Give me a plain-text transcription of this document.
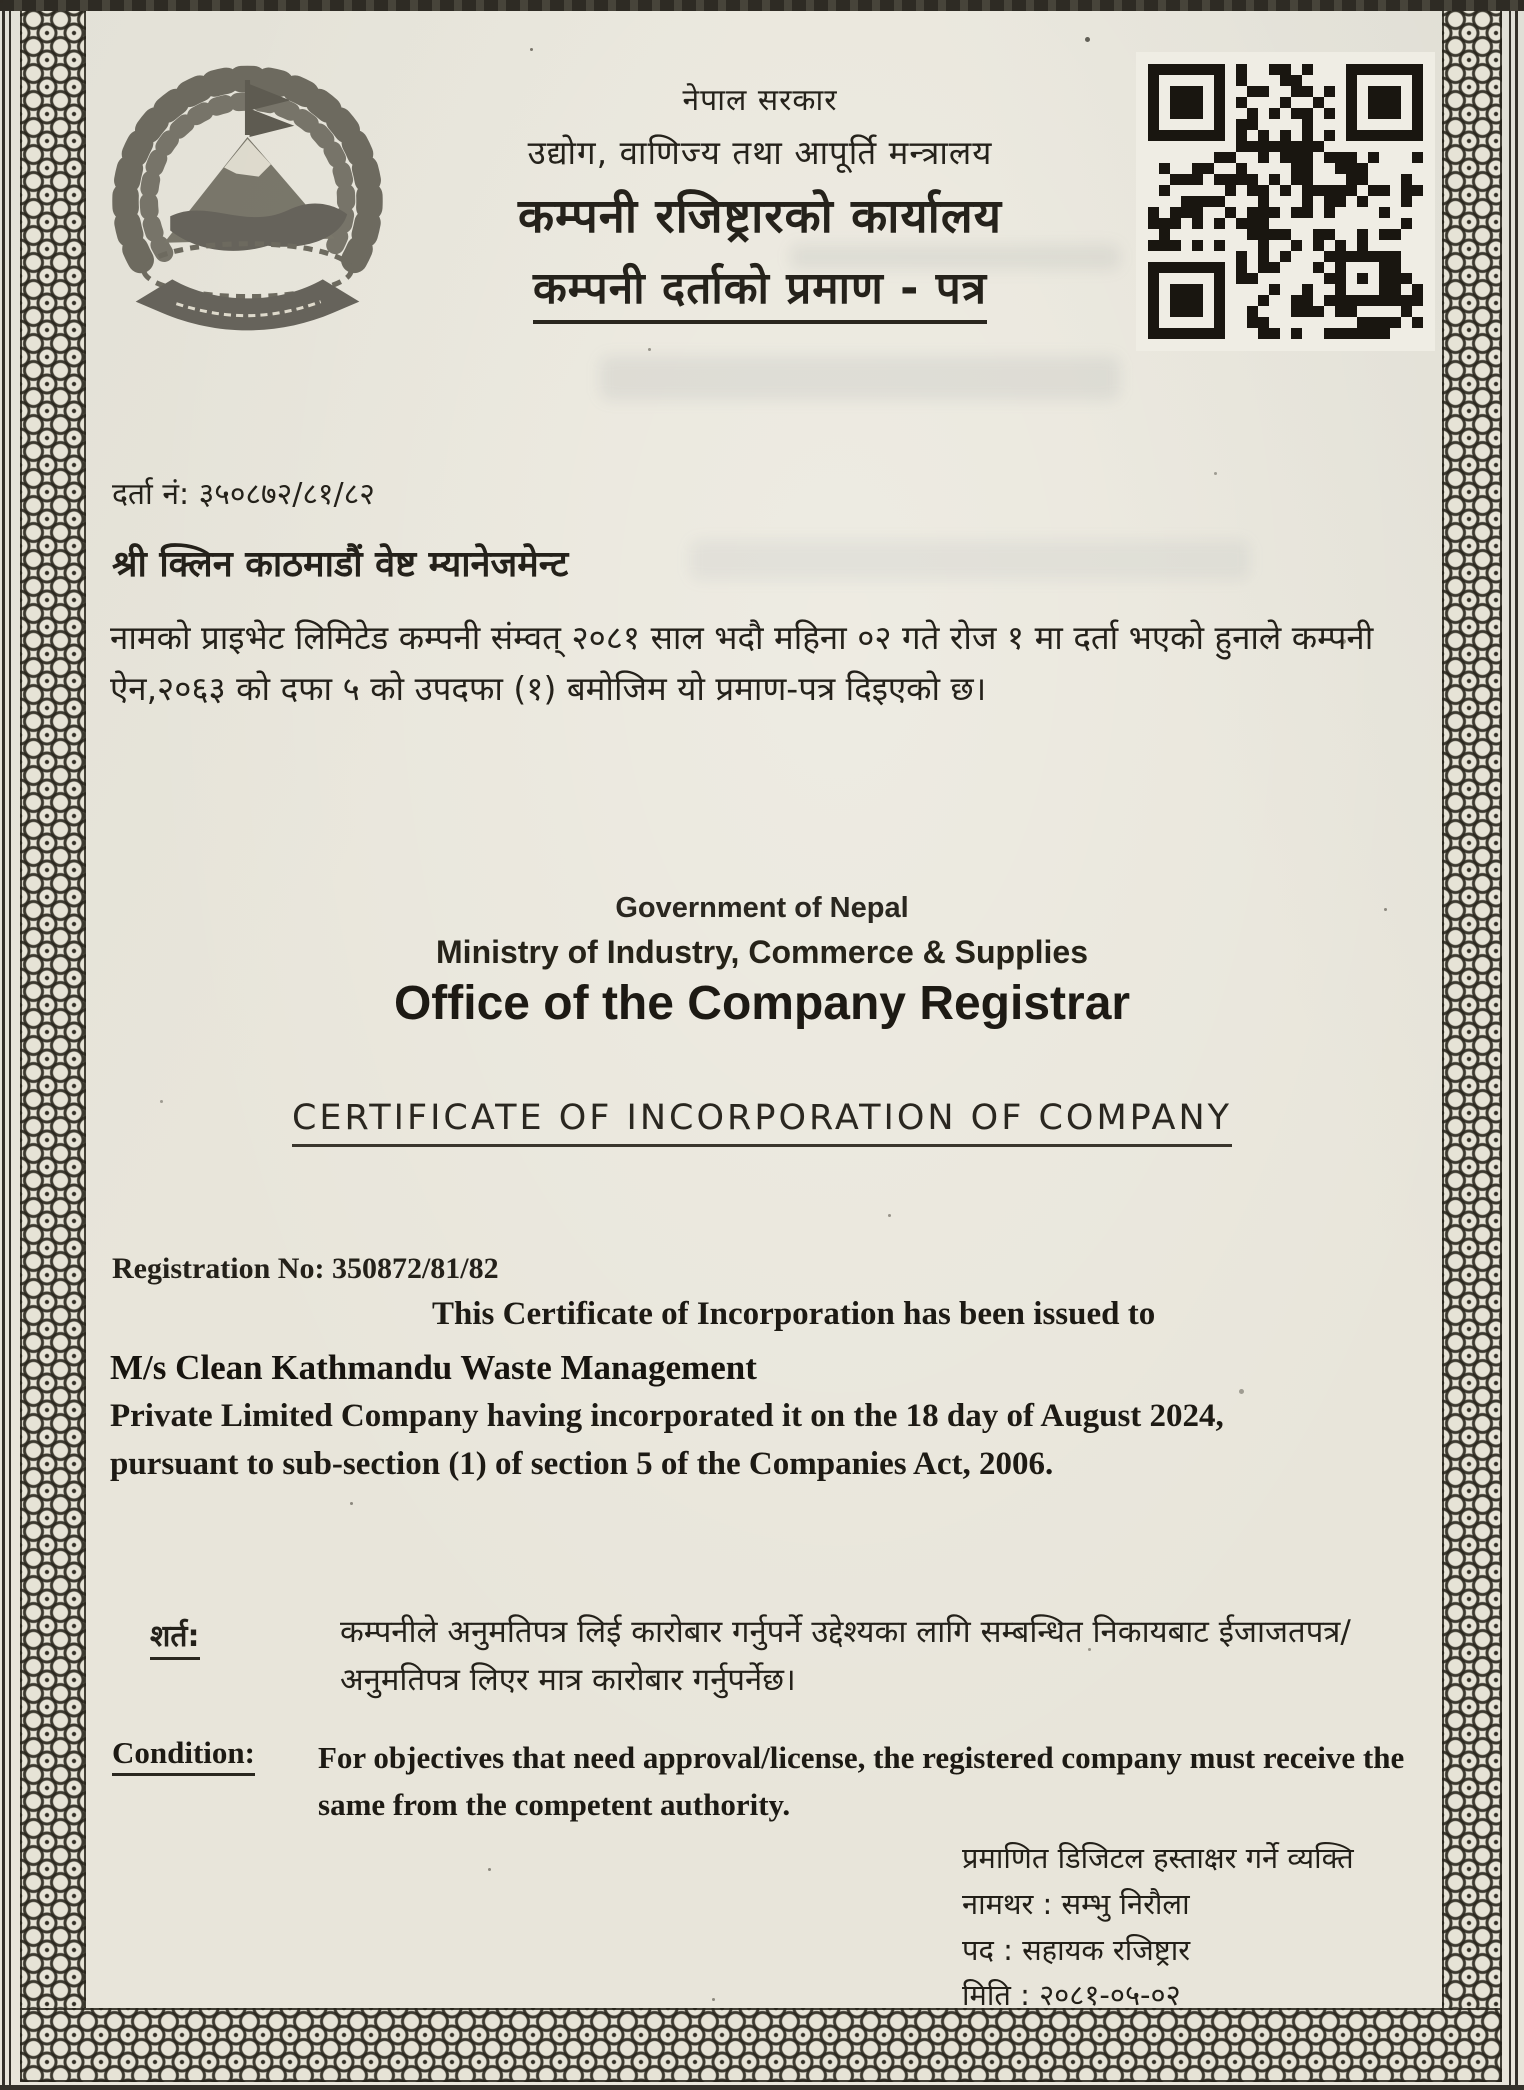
नेपाल सरकार
उद्योग, वाणिज्य तथा आपूर्ति मन्त्रालय
कम्पनी रजिष्ट्रारको कार्यालय
कम्पनी दर्ताको प्रमाण - पत्र
दर्ता नं: ३५०८७२/८१/८२
श्री क्लिन काठमाडौं वेष्ट म्यानेजमेन्ट
नामको प्राइभेट लिमिटेड कम्पनी संम्वत् २०८१ साल भदौ महिना ०२ गते रोज १ मा दर्ता भएको हुनाले कम्पनी ऐन,२०६३ को दफा ५ को उपदफा (१) बमोजिम यो प्रमाण-पत्र दिइएको छ।
Government of Nepal
Ministry of Industry, Commerce & Supplies
Office of the Company Registrar
CERTIFICATE OF INCORPORATION OF COMPANY
Registration No: 350872/81/82
This Certificate of Incorporation has been issued to
M/s Clean Kathmandu Waste Management
Private Limited Company having incorporated it on the 18 day of August 2024,
pursuant to sub-section (1) of section 5 of the Companies Act, 2006.
शर्त:	कम्पनीले अनुमतिपत्र लिई कारोबार गर्नुपर्ने उद्देश्यका लागि सम्बन्धित निकायबाट ईजाजतपत्र/अनुमतिपत्र लिएर मात्र कारोबार गर्नुपर्नेछ।
Condition: For objectives that need approval/license, the registered company must receive the same from the competent authority.
प्रमाणित डिजिटल हस्ताक्षर गर्ने व्यक्ति
नामथर : सम्भु निरौला
पद : सहायक रजिष्ट्रार
मिति : २०८१-०५-०२
